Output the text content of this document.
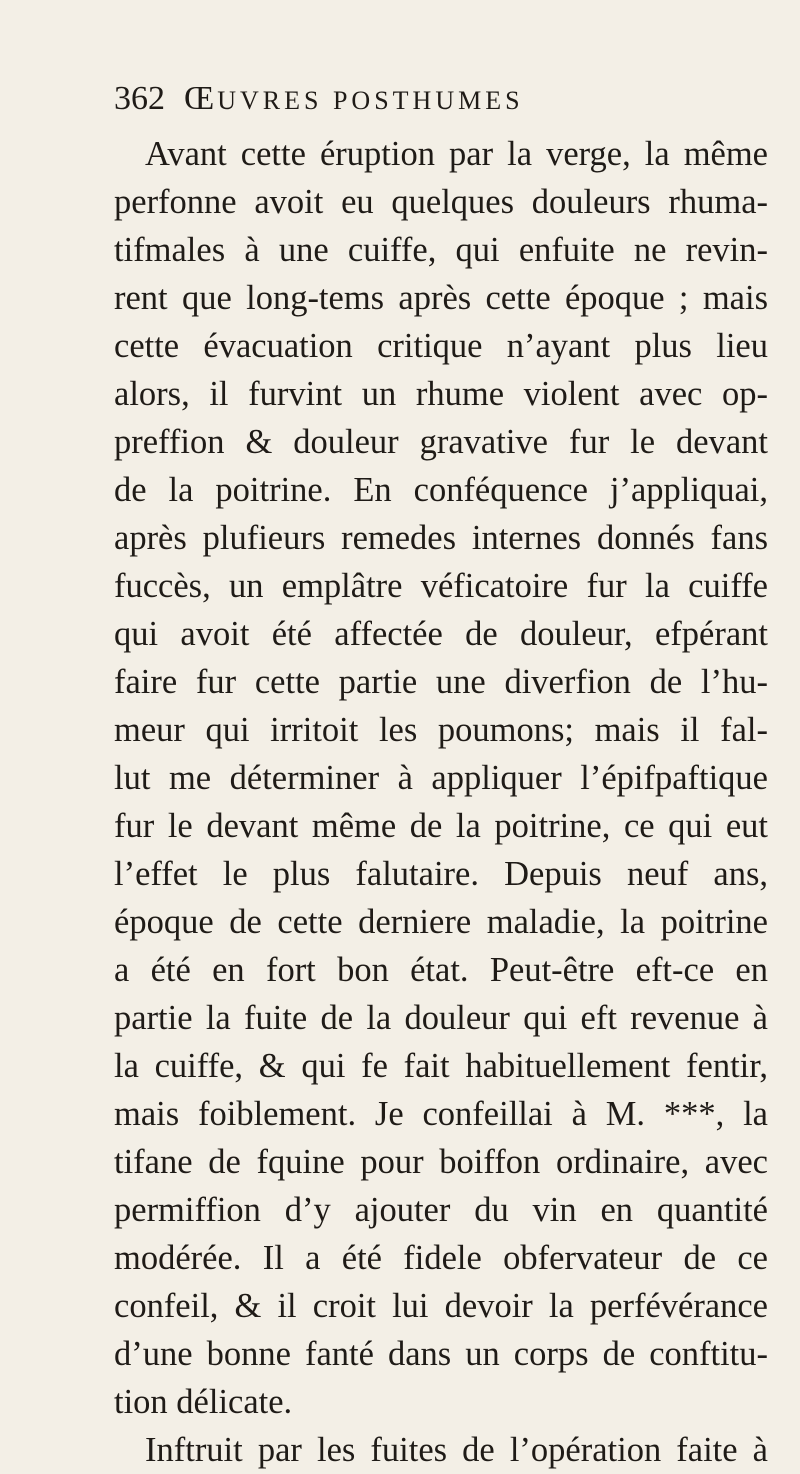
362 ŒUVRES POSTHUMES
Avant cette éruption par la verge, la même
perfonne avoit eu quelques douleurs rhuma-
tifmales à une cuiffe, qui enfuite ne revin-
rent que long-tems après cette époque ; mais
cette évacuation critique n’ayant plus lieu
alors, il furvint un rhume violent avec op-
preffion & douleur gravative fur le devant
de la poitrine. En conféquence j’appliquai,
après plufieurs remedes internes donnés fans
fuccès, un emplâtre véficatoire fur la cuiffe
qui avoit été affectée de douleur, efpérant
faire fur cette partie une diverfion de l’hu-
meur qui irritoit les poumons; mais il fal-
lut me déterminer à appliquer l’épifpaftique
fur le devant même de la poitrine, ce qui eut
l’effet le plus falutaire. Depuis neuf ans,
époque de cette derniere maladie, la poitrine
a été en fort bon état. Peut-être eft-ce en
partie la fuite de la douleur qui eft revenue à
la cuiffe, & qui fe fait habituellement fentir,
mais foiblement. Je confeillai à M. ***, la
tifane de fquine pour boiffon ordinaire, avec
permiffion d’y ajouter du vin en quantité
modérée. Il a été fidele obfervateur de ce
confeil, & il croit lui devoir la perfévérance
d’une bonne fanté dans un corps de conftitu-
tion délicate.
Inftruit par les fuites de l’opération faite à
